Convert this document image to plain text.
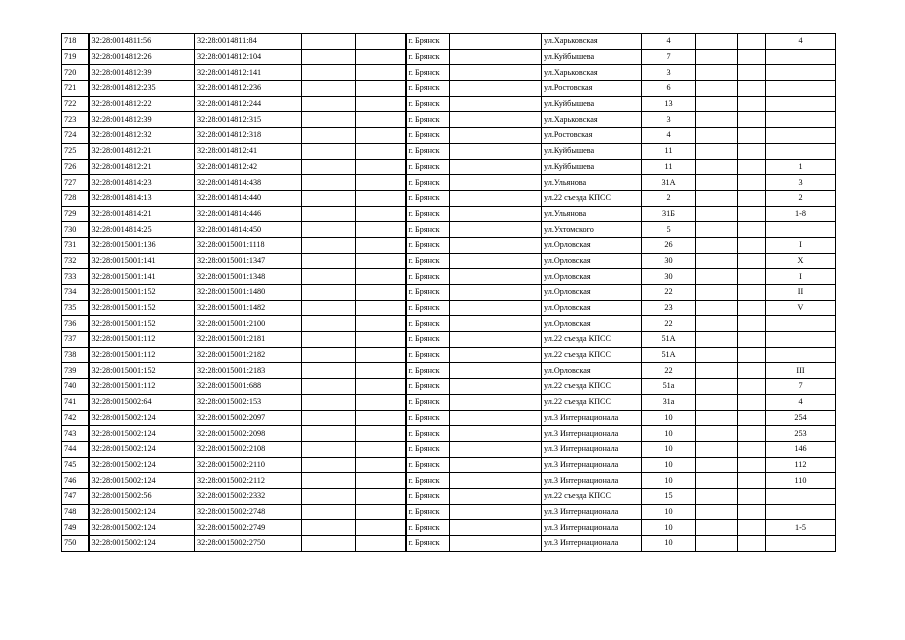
718	32:28:0014811:56	32:28:0014811:84			г. Брянск		ул.Харьковская	4			4
719	32:28:0014812:26	32:28:0014812:104			г. Брянск		ул.Куйбышева	7			
720	32:28:0014812:39	32:28:0014812:141			г. Брянск		ул.Харьковская	3			
721	32:28:0014812:235	32:28:0014812:236			г. Брянск		ул.Ростовская	6			
722	32:28:0014812:22	32:28:0014812:244			г. Брянск		ул.Куйбышева	13			
723	32:28:0014812:39	32:28:0014812:315			г. Брянск		ул.Харьковская	3			
724	32:28:0014812:32	32:28:0014812:318			г. Брянск		ул.Ростовская	4			
725	32:28:0014812:21	32:28:0014812:41			г. Брянск		ул.Куйбышева	11			
726	32:28:0014812:21	32:28:0014812:42			г. Брянск		ул.Куйбышева	11			1
727	32:28:0014814:23	32:28:0014814:438			г. Брянск		ул.Ульянова	31А			3
728	32:28:0014814:13	32:28:0014814:440			г. Брянск		ул.22 съезда КПСС	2			2
729	32:28:0014814:21	32:28:0014814:446			г. Брянск		ул.Ульянова	31Б			1-8
730	32:28:0014814:25	32:28:0014814:450			г. Брянск		ул.Ухтомского	5			
731	32:28:0015001:136	32:28:0015001:1118			г. Брянск		ул.Орловская	26			I
732	32:28:0015001:141	32:28:0015001:1347			г. Брянск		ул.Орловская	30			X
733	32:28:0015001:141	32:28:0015001:1348			г. Брянск		ул.Орловская	30			I
734	32:28:0015001:152	32:28:0015001:1480			г. Брянск		ул.Орловская	22			II
735	32:28:0015001:152	32:28:0015001:1482			г. Брянск		ул.Орловская	23			V
736	32:28:0015001:152	32:28:0015001:2100			г. Брянск		ул.Орловская	22			
737	32:28:0015001:112	32:28:0015001:2181			г. Брянск		ул.22 съезда КПСС	51А			
738	32:28:0015001:112	32:28:0015001:2182			г. Брянск		ул.22 съезда КПСС	51А			
739	32:28:0015001:152	32:28:0015001:2183			г. Брянск		ул.Орловская	22			III
740	32:28:0015001:112	32:28:0015001:688			г. Брянск		ул.22 съезда КПСС	51а			7
741	32:28:0015002:64	32:28:0015002:153			г. Брянск		ул.22 съезда КПСС	31а			4
742	32:28:0015002:124	32:28:0015002:2097			г. Брянск		ул.3 Интернационала	10			254
743	32:28:0015002:124	32:28:0015002:2098			г. Брянск		ул.3 Интернационала	10			253
744	32:28:0015002:124	32:28:0015002:2108			г. Брянск		ул.3 Интернационала	10			146
745	32:28:0015002:124	32:28:0015002:2110			г. Брянск		ул.3 Интернационала	10			112
746	32:28:0015002:124	32:28:0015002:2112			г. Брянск		ул.3 Интернационала	10			110
747	32:28:0015002:56	32:28:0015002:2332			г. Брянск		ул.22 съезда КПСС	15			
748	32:28:0015002:124	32:28:0015002:2748			г. Брянск		ул.3 Интернационала	10			
749	32:28:0015002:124	32:28:0015002:2749			г. Брянск		ул.3 Интернационала	10			1-5
750	32:28:0015002:124	32:28:0015002:2750			г. Брянск		ул.3 Интернационала	10			
